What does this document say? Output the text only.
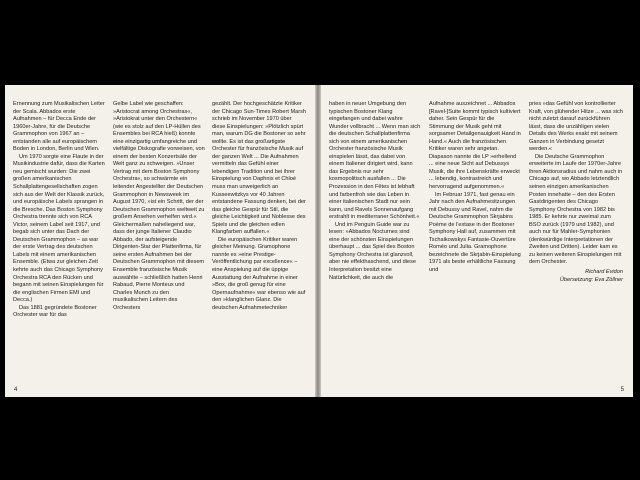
Ernennung zum Musikalischen Leiter der Scala. Abbados erste Aufnahmen – für Decca Ende der 1960er-Jahre, für die Deutsche Grammophon von 1967 an – entstanden alle auf europäischem Boden in London, Berlin und Wien.

Um 1970 sorgte eine Flaute in der Musikindustrie dafür, dass die Karten neu gemischt wurden: Die zwei großen amerikanischen Schallplattengesellschaften zogen sich aus der Welt der Klassik zurück, und europäische Labels sprangen in die Bresche. Das Boston Symphony Orchestra trennte sich von RCA Victor, seinem Label seit 1917, und begab sich unter das Dach der Deutschen Grammophon – as war der erste Vertrag des deutschen Labels mit einem amerikanischen Ensemble. (Etwa zur gleichen Zeit kehrte auch das Chicago Symphony Orchestra RCA den Rücken und begann mit seinen Einspielungen für die englischen Firmen EMI und Decca.)

Das 1881 gegründete Bostoner Orchester war für das

Gelbe Label wie geschaffen: »Aristocrat among Orchestras«, »Aristokrat unter den Orchestern« (wie es stolz auf den LP-Hüllen des Ensembles bei RCA hieß) konnte eine einzigartig umfangreiche und vielfältige Diskografie vorweisen, von einem der besten Konzertsäle der Welt ganz zu schweigen. »Unser Vertrag mit dem Boston Symphony Orchestra«, so schwärmte ein leitender Angestellter der Deutschen Grammophon in Newsweek im August 1970, »ist ein Schritt, der der Deutschen Grammophon weltweit zu großem Ansehen verhelfen wird.« Gleichermaßen naheliegend war, dass der junge Italiener Claudio Abbado, der aufsteigende Dirigenten-Star der Plattenfirma, für seine ersten Aufnahmen bei der Deutschen Grammophon mit diesem Ensemble französische Musik auswählte – schließlich hatten Henri Rabaud, Pierre Monteux und Charles Munch zu den musikalischen Leitern des Orchesters

gezählt. Der hochgeschätzte Kritiker der Chicago Sun-Times Robert Marsh schrieb im November 1970 über diese Einspielungen: »Plötzlich spürt man, warum DG die Bostoner so sehr wollte. Es ist das großartigste Orchester für französische Musik auf der ganzen Welt ... Die Aufnahmen vermitteln das Gefühl einer lebendigen Tradition und bei ihrer Einspielung von Daphnis et Chloé muss man unweigerlich an Kusseewitzkys vor 40 Jahren entstandene Fassung denken, bei der das gleiche Gespür für Stil, die gleiche Leichtigkeit und Noblesse des Spiels und die gleichen edlen Klangfarben auffallen.«

Die europäischen Kritiker waren gleicher Meinung. Gramophone nannte es »eine Prestige-Veröffentlichung par excellence« – eine Anspielung auf die üppige Ausstattung der Aufnahme in einer »Box, die groß genug für eine Opernaufnahme« war ebenso wie auf den »klanglichen Glanz. Die deutschen Aufnahmetechniker

4

haben in neuer Umgebung den typischen Bostoner Klang eingefangen und dabei wahre Wunder vollbracht ... Wenn man sich die deutschen Schallplattenfirma sich von einem amerikanischen Orchester französische Musik einspielen lässt, das dabei von einem Italiener dirigiert wird, kann das Ergebnis nur sehr kosmopolitisch ausfallen ... Die Prozession in den Fêtes ist lebhaft und farbenfroh wie das Leben in einer italienischen Stadt nur sein kann, und Ravels Sonnenaufgang erstrahlt in mediterraner Schönheit.«

Und im Penguin Guide war zu lesen: »Abbados Nocturnes sind eine der schönsten Einspielungen überhaupt ... das Spiel des Boston Symphony Orchestra ist glanzvoll, aber nie effekthaschend, und diese Interpretation besitzt eine Natürlichkeit, die auch die

Aufnahme auszeichnet ... Abbados [Ravel-]Suite kommt typisch kultiviert daher. Sein Gespür für die Stimmung der Musik geht mit sorgsamer Detailgenauigkeit Hand in Hand.« Auch die französischen Kritiker waren sehr angetan. Diapason nannte die LP »erhellend ... eine neue Sicht auf Debussys Musik, die ihre Lebenskräfte erweckt ... lebendig, kontrastreich und hervorragend aufgenommen.«

Im Februar 1971, fast genau ein Jahr nach den Aufnahmesitzungen mit Debussy und Ravel, nahm die Deutsche Grammophon Skrjabins Poème de l'extase in der Bostoner Symphony Hall auf, zusammen mit Tschaikowskys Fantasie-Ouvertüre Roméo und Julia. Gramophone bezeichnete die Skrjabin-Einspielung 1971 als beste erhältliche Fassung und

pries »das Gefühl von kontrollierter Kraft, von glühender Hitze ... was sich nicht zuletzt darauf zurückführen lässt, dass die unzähligen vielen Details des Werks exakt mit seinem Ganzen in Verbindung gesetzt werden.«

Die Deutsche Grammophon erweiterte im Laufe der 1970er-Jahre ihren Aktionsradius und nahm auch in Chicago auf, wo Abbado letztendlich seinen einzigen amerikanischen Posten innehatte – den des Ersten Gastdirigenten des Chicago Symphony Orchestra von 1982 bis 1985. Er kehrte nur zweimal zum BSO zurück (1979 und 1982), und auch nur für Mahler-Symphonien (denkwürdige Interpretationen der Zweiten und Dritten). Leider kam es zu keinen weiteren Einspielungen mit dem Orchester.

Richard Evidon

Übersetzung: Eva Zöllner

5
